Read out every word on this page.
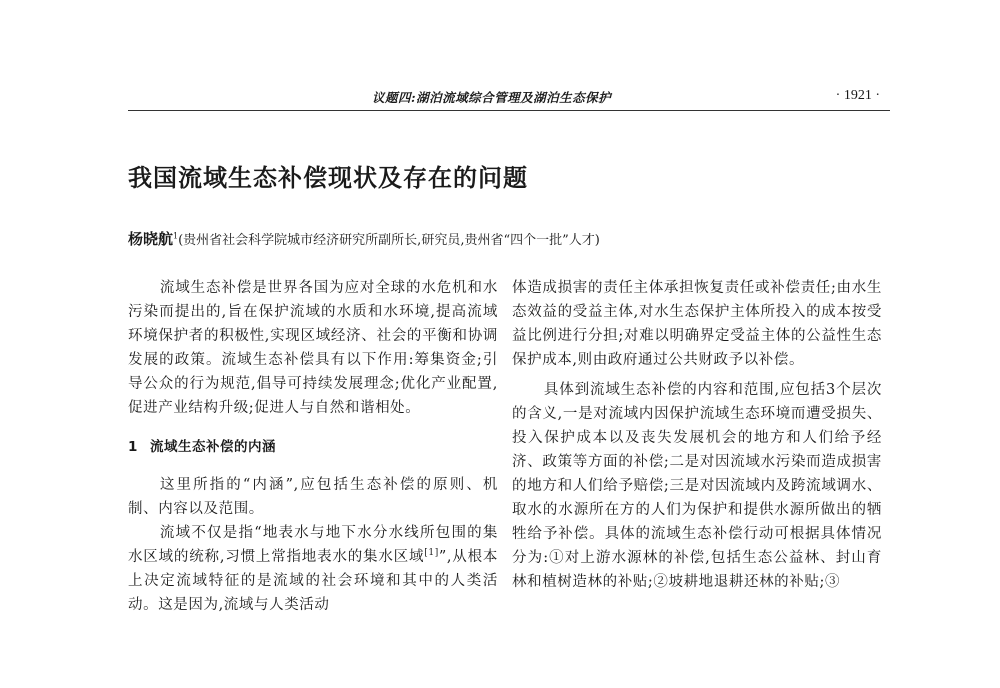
议题四:湖泊流域综合管理及湖泊生态保护	· 1921 ·
我国流域生态补偿现状及存在的问题
杨晓航$^1$(贵州省社会科学院城市经济研究所副所长,研究员,贵州省“四个一批”人才)

流域生态补偿是世界各国为应对全球的水危机和水污染而提出的,旨在保护流域的水质和水环境,提高流域环境保护者的积极性,实现区域经济、社会的平衡和协调发展的政策。流域生态补偿具有以下作用:筹集资金;引导公众的行为规范,倡导可持续发展理念;优化产业配置,促进产业结构升级;促进人与自然和谐相处。

1 流域生态补偿的内涵

这里所指的“内涵”,应包括生态补偿的原则、机制、内容以及范围。

流域不仅是指“地表水与地下水分水线所包围的集水区域的统称,习惯上常指地表水的集水区域[1]”,从根本上决定流域特征的是流域的社会环境和其中的人类活动。这是因为,流域与人类活动

体造成损害的责任主体承担恢复责任或补偿责任;由水生态效益的受益主体,对水生态保护主体所投入的成本按受益比例进行分担;对难以明确界定受益主体的公益性生态保护成本,则由政府通过公共财政予以补偿。

具体到流域生态补偿的内容和范围,应包括3个层次的含义,一是对流域内因保护流域生态环境而遭受损失、投入保护成本以及丧失发展机会的地方和人们给予经济、政策等方面的补偿;二是对因流域水污染而造成损害的地方和人们给予赔偿;三是对因流域内及跨流域调水、取水的水源所在方的人们为保护和提供水源所做出的牺牲给予补偿。具体的流域生态补偿行动可根据具体情况分为:①对上游水源林的补偿,包括生态公益林、封山育林和植树造林的补贴;②坡耕地退耕还林的补贴;③
